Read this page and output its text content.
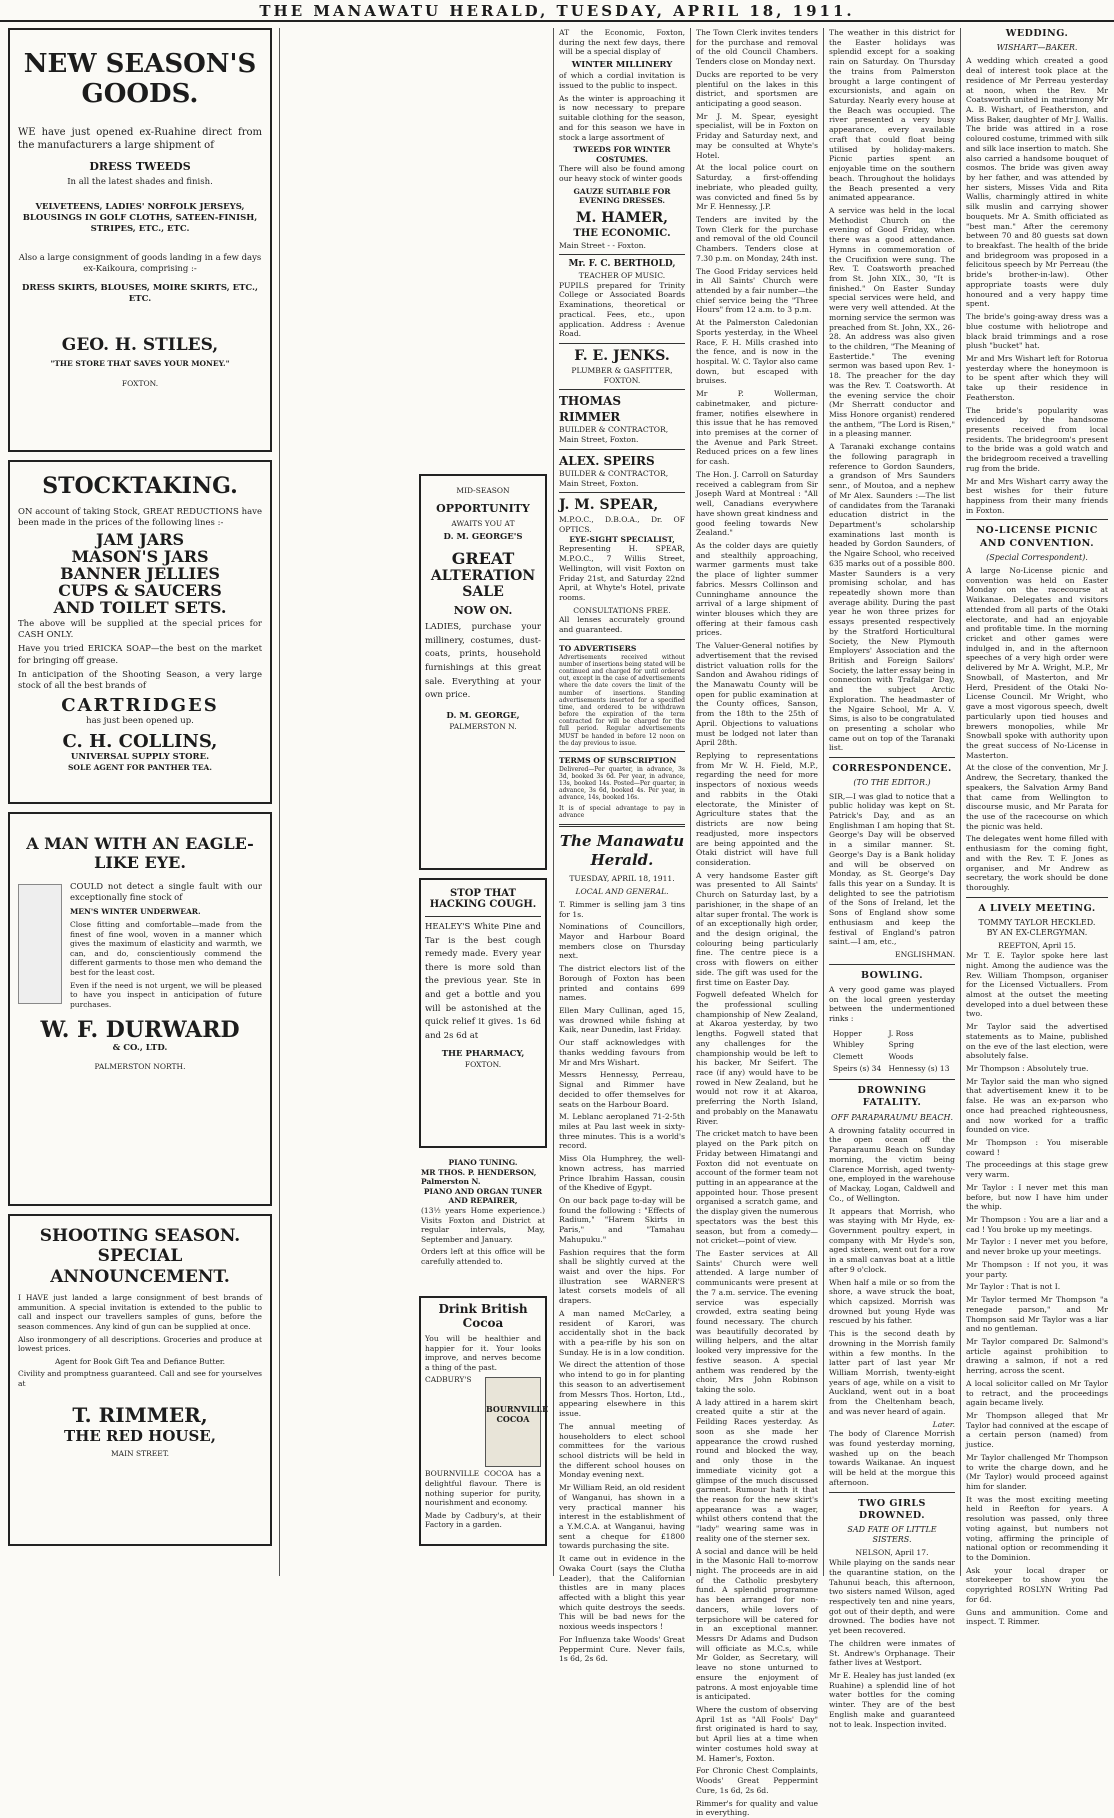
THE MANAWATU HERALD, TUESDAY, APRIL 18, 1911.
NEW SEASON'S GOODS.

WE have just opened ex-Ruahine direct from the manufacturers a large shipment of

DRESS TWEEDS
In all the latest shades and finish.
VELVETEENS, LADIES' NORFOLK JERSEYS, BLOUSINGS IN GOLF CLOTHS, SATEEN-FINISH, STRIPES, ETC., ETC.

Also a large consignment of goods landing in a few days ex-Kaikoura, comprising :-

DRESS SKIRTS, BLOUSES, MOIRE SKIRTS, ETC., ETC.
GEO. H. STILES,
"THE STORE THAT SAVES YOUR MONEY."
FOXTON.
STOCKTAKING.

ON account of taking Stock, GREAT REDUCTIONS have been made in the prices of the following lines :-

JAM JARS
MASON'S JARS
BANNER JELLIES
CUPS & SAUCERS
AND TOILET SETS.

The above will be supplied at the special prices for CASH ONLY.

Have you tried ERICKA SOAP—the best on the market for bringing off grease.

In anticipation of the Shooting Season, a very large stock of all the best brands of

CARTRIDGES
has just been opened up.
C. H. COLLINS,
UNIVERSAL SUPPLY STORE.
SOLE AGENT FOR PANTHER TEA.
A MAN WITH AN EAGLE-LIKE EYE.

COULD not detect a single fault with our exceptionally fine stock of

MEN'S WINTER UNDERWEAR.

Close fitting and comfortable—made from the finest of fine wool, woven in a manner which gives the maximum of elasticity and warmth, we can, and do, conscientiously commend the different garments to those men who demand the best for the least cost.

Even if the need is not urgent, we will be pleased to have you inspect in anticipation of future purchases.

W. F. DURWARD
& CO., LTD.
PALMERSTON NORTH.
SHOOTING SEASON.
SPECIAL ANNOUNCEMENT.

I HAVE just landed a large consignment of best brands of ammunition. A special invitation is extended to the public to call and inspect our travellers samples of guns, before the season commences. Any kind of gun can be supplied at once.

Also ironmongery of all descriptions. Groceries and produce at lowest prices.

Agent for Book Gift Tea and Defiance Butter.

Civility and promptness guaranteed. Call and see for yourselves at

T. RIMMER,
THE RED HOUSE,
MAIN STREET.

MID-SEASON
OPPORTUNITY
AWAITS YOU AT
D. M. GEORGE'S
GREAT
ALTERATION
SALE
NOW ON.

LADIES, purchase your millinery, costumes, dust-coats, prints, household furnishings at this great sale. Everything at your own price.

D. M. GEORGE,
PALMERSTON N.
STOP THAT HACKING COUGH.

HEALEY'S White Pine and Tar is the best cough remedy made. Every year there is more sold than the previous year. Ste in and get a bottle and you will be astonished at the quick relief it gives. 1s 6d and 2s 6d at

THE PHARMACY,
FOXTON.
PIANO TUNING.
MR THOS. P. HENDERSON, Palmerston N.
PIANO AND ORGAN TUNER AND REPAIRER,

(13½ years Home experience.) Visits Foxton and District at regular intervals, May, September and January.

Orders left at this office will be carefully attended to.

Drink British Cocoa

You will be healthier and happier for it. Your looks improve, and nerves become a thing of the past.

BOURNVILLE COCOA

CADBURY'S BOURNVILLE COCOA has a delightful flavour. There is nothing superior for purity, nourishment and economy.

Made by Cadbury's, at their Factory in a garden.

AT the Economic, Foxton, during the next few days, there will be a special display of

WINTER MILLINERY

of which a cordial invitation is issued to the public to inspect.

As the winter is approaching it is now necessary to prepare suitable clothing for the season, and for this season we have in stock a large assortment of

TWEEDS FOR WINTER COSTUMES.

There will also be found among our heavy stock of winter goods

GAUZE SUITABLE FOR EVENING DRESSES.
M. HAMER,
THE ECONOMIC.
Main Street - - Foxton.
Mr. F. C. BERTHOLD,
TEACHER OF MUSIC.

PUPILS prepared for Trinity College or Associated Boards Examinations, theoretical or practical. Fees, etc., upon application. Address : Avenue Road.

F. E. JENKS.
PLUMBER & GASFITTER,
FOXTON.
THOMAS RIMMER
BUILDER & CONTRACTOR,
Main Street, Foxton.
ALEX. SPEIRS
BUILDER & CONTRACTOR,
Main Street, Foxton.
J. M. SPEAR,
M.P.O.C., D.B.O.A., Dr. OF OPTICS.
EYE-SIGHT SPECIALIST,

Representing H. SPEAR, M.P.O.C., 7 Willis Street, Wellington, will visit Foxton on Friday 21st, and Saturday 22nd April, at Whyte's Hotel, private rooms.

CONSULTATIONS FREE.

All lenses accurately ground and guaranteed.

TO ADVERTISERS

Advertisements received without number of insertions being stated will be continued and charged for until ordered out, except in the case of advertisements where the date covers the limit of the number of insertions. Standing advertisements inserted for a specified time, and ordered to be withdrawn before the expiration of the term contracted for will be charged for the full period. Regular advertisements MUST be handed in before 12 noon on the day previous to issue.

TERMS OF SUBSCRIPTION

Delivered—Per quarter, in advance, 3s 3d, booked 3s 6d. Per year, in advance, 13s, booked 14s. Posted—Per quarter, in advance, 3s 6d, booked 4s. Per year, in advance, 14s, booked 16s.

It is of special advantage to pay in advance

The Manawatu Herald.
TUESDAY, APRIL 18, 1911.
LOCAL AND GENERAL.

T. Rimmer is selling jam 3 tins for 1s.

Nominations of Councillors, Mayor and Harbour Board members close on Thursday next.

The district electors list of the Borough of Foxton has been printed and contains 699 names.

Ellen Mary Cullinan, aged 15, was drowned while fishing at Kaik, near Dunedin, last Friday.

Our staff acknowledges with thanks wedding favours from Mr and Mrs Wishart.

Messrs Hennessy, Perreau, Signal and Rimmer have decided to offer themselves for seats on the Harbour Board.

M. Leblanc aeroplaned 71-2-5th miles at Pau last week in sixty-three minutes. This is a world's record.

Miss Ola Humphrey, the well-known actress, has married Prince Ibrahim Hassan, cousin of the Khedive of Egypt.

On our back page to-day will be found the following : "Effects of Radium," "Harem Skirts in Paris," and "Tamahau Mahupuku."

Fashion requires that the form shall be slightly curved at the waist and over the hips. For illustration see WARNER'S latest corsets models of all drapers.

A man named McCarley, a resident of Karori, was accidentally shot in the back with a pea-rifle by his son on Sunday. He is in a low condition.

We direct the attention of those who intend to go in for planting this season to an advertisement from Messrs Thos. Horton, Ltd., appearing elsewhere in this issue.

The annual meeting of householders to elect school committees for the various school districts will be held in the different school houses on Monday evening next.

Mr William Reid, an old resident of Wanganui, has shown in a very practical manner his interest in the establishment of a Y.M.C.A. at Wanganui, having sent a cheque for £1800 towards purchasing the site.

It came out in evidence in the Owaka Court (says the Clutha Leader), that the Californian thistles are in many places affected with a blight this year which quite destroys the seeds. This will be bad news for the noxious weeds inspectors !

For Influenza take Woods' Great Peppermint Cure. Never fails, 1s 6d, 2s 6d.

The Town Clerk invites tenders for the purchase and removal of the old Council Chambers. Tenders close on Monday next.

Ducks are reported to be very plentiful on the lakes in this district, and sportsmen are anticipating a good season.

Mr J. M. Spear, eyesight specialist, will be in Foxton on Friday and Saturday next, and may be consulted at Whyte's Hotel.

At the local police court on Saturday, a first-offending inebriate, who pleaded guilty, was convicted and fined 5s by Mr F. Hennessy, J.P.

Tenders are invited by the Town Clerk for the purchase and removal of the old Council Chambers. Tenders close at 7.30 p.m. on Monday, 24th inst.

The Good Friday services held in All Saints' Church were attended by a fair number—the chief service being the "Three Hours" from 12 a.m. to 3 p.m.

At the Palmerston Caledonian Sports yesterday, in the Wheel Race, F. H. Mills crashed into the fence, and is now in the hospital. W. C. Taylor also came down, but escaped with bruises.

Mr P. Wollerman, cabinetmaker, and picture-framer, notifies elsewhere in this issue that he has removed into premises at the corner of the Avenue and Park Street. Reduced prices on a few lines for cash.

The Hon. J. Carroll on Saturday received a cablegram from Sir Joseph Ward at Montreal : "All well, Canadians everywhere have shown great kindness and good feeling towards New Zealand."

As the colder days are quietly and stealthily approaching, warmer garments must take the place of lighter summer fabrics. Messrs Collinson and Cunninghame announce the arrival of a large shipment of winter blouses which they are offering at their famous cash prices.

The Valuer-General notifies by advertisement that the revised district valuation rolls for the Sandon and Awahou ridings of the Manawatu County will be open for public examination at the County offices, Sanson, from the 18th to the 25th of April. Objections to valuations must be lodged not later than April 28th.

Replying to representations from Mr W. H. Field, M.P., regarding the need for more inspectors of noxious weeds and rabbits in the Otaki electorate, the Minister of Agriculture states that the districts are now being readjusted, more inspectors are being appointed and the Otaki district will have full consideration.

A very handsome Easter gift was presented to All Saints' Church on Saturday last, by a parishioner, in the shape of an altar super frontal. The work is of an exceptionally high order, and the design original, the colouring being particularly fine. The centre piece is a cross with flowers on either side. The gift was used for the first time on Easter Day.

Fogwell defeated Whelch for the professional sculling championship of New Zealand, at Akaroa yesterday, by two lengths. Fogwell stated that any challenges for the championship would be left to his backer, Mr Seifert. The race (if any) would have to be rowed in New Zealand, but he would not row it at Akaroa, preferring the North Island, and probably on the Manawatu River.

The cricket match to have been played on the Park pitch on Friday between Himatangi and Foxton did not eventuate on account of the former team not putting in an appearance at the appointed hour. Those present organised a scratch game, and the display given the numerous spectators was the best this season, but from a comedy—not cricket—point of view.

The Easter services at All Saints' Church were well attended. A large number of communicants were present at the 7 a.m. service. The evening service was especially crowded, extra seating being found necessary. The church was beautifully decorated by willing helpers, and the altar looked very impressive for the festive season. A special anthem was rendered by the choir, Mrs John Robinson taking the solo.

A lady attired in a harem skirt created quite a stir at the Feilding Races yesterday. As soon as she made her appearance the crowd rushed round and blocked the way, and only those in the immediate vicinity got a glimpse of the much discussed garment. Rumour hath it that the reason for the new skirt's appearance was a wager, whilst others contend that the "lady" wearing same was in reality one of the sterner sex.

A social and dance will be held in the Masonic Hall to-morrow night. The proceeds are in aid of the Catholic presbytery fund. A splendid programme has been arranged for non-dancers, while lovers of terpsichore will be catered for in an exceptional manner. Messrs Dr Adams and Dudson will officiate as M.C.s, while Mr Golder, as Secretary, will leave no stone unturned to ensure the enjoyment of patrons. A most enjoyable time is anticipated.

Where the custom of observing April 1st as "All Fools' Day" first originated is hard to say, but April lies at a time when winter costumes hold sway at M. Hamer's, Foxton.

For Chronic Chest Complaints, Woods' Great Peppermint Cure, 1s 6d, 2s 6d.

Rimmer's for quality and value in everything.

The weather in this district for the Easter holidays was splendid except for a soaking rain on Saturday. On Thursday the trains from Palmerston brought a large contingent of excursionists, and again on Saturday. Nearly every house at the Beach was occupied. The river presented a very busy appearance, every available craft that could float being utilised by holiday-makers. Picnic parties spent an enjoyable time on the southern beach. Throughout the holidays the Beach presented a very animated appearance.

A service was held in the local Methodist Church on the evening of Good Friday, when there was a good attendance. Hymns in commemoration of the Crucifixion were sung. The Rev. T. Coatsworth preached from St. John XIX., 30, "It is finished." On Easter Sunday special services were held, and were very well attended. At the morning service the sermon was preached from St. John, XX., 26-28. An address was also given to the children, "The Meaning of Eastertide." The evening sermon was based upon Rev. 1-18. The preacher for the day was the Rev. T. Coatsworth. At the evening service the choir (Mr Sherratt conductor and Miss Honore organist) rendered the anthem, "The Lord is Risen," in a pleasing manner.

A Taranaki exchange contains the following paragraph in reference to Gordon Saunders, a grandson of Mrs Saunders senr., of Moutoa, and a nephew of Mr Alex. Saunders :—The list of candidates from the Taranaki education district in the Department's scholarship examinations last month is headed by Gordon Saunders, of the Ngaire School, who received 635 marks out of a possible 800. Master Saunders is a very promising scholar, and has repeatedly shown more than average ability. During the past year he won three prizes for essays presented respectively by the Stratford Horticultural Society, the New Plymouth Employers' Association and the British and Foreign Sailors' Society, the latter essay being in connection with Trafalgar Day, and the subject Arctic Exploration. The headmaster of the Ngaire School, Mr A. V. Sims, is also to be congratulated on presenting a scholar who came out on top of the Taranaki list.

CORRESPONDENCE.
(TO THE EDITOR.)

SIR,—I was glad to notice that a public holiday was kept on St. Patrick's Day, and as an Englishman I am hoping that St. George's Day will be observed in a similar manner. St. George's Day is a Bank holiday and will be observed on Monday, as St. George's Day falls this year on a Sunday. It is delighted to see the patriotism of the Sons of Ireland, let the Sons of England show some enthusiasm and keep the festival of England's patron saint.—I am, etc.,

ENGLISHMAN.
BOWLING.

A very good game was played on the local green yesterday between the undermentioned rinks :

Hopper	J. Ross
Whibley	Spring
Clemett	Woods
Speirs (s) 34	Hennessy (s) 13
DROWNING FATALITY.
OFF PARAPARAUMU BEACH.

A drowning fatality occurred in the open ocean off the Paraparaumu Beach on Sunday morning, the victim being Clarence Morrish, aged twenty-one, employed in the warehouse of Mackay, Logan, Caldwell and Co., of Wellington.

It appears that Morrish, who was staying with Mr Hyde, ex-Government poultry expert, in company with Mr Hyde's son, aged sixteen, went out for a row in a small canvas boat at a little after 9 o'clock.

When half a mile or so from the shore, a wave struck the boat, which capsized. Morrish was drowned but young Hyde was rescued by his father.

This is the second death by drowning in the Morrish family within a few months. In the latter part of last year Mr William Morrish, twenty-eight years of age, while on a visit to Auckland, went out in a boat from the Cheltenham beach, and was never heard of again.

Later.

The body of Clarence Morrish was found yesterday morning, washed up on the beach towards Waikanae. An inquest will be held at the morgue this afternoon.

TWO GIRLS DROWNED.
SAD FATE OF LITTLE SISTERS.
NELSON, April 17.

While playing on the sands near the quarantine station, on the Tahunui beach, this afternoon, two sisters named Wilson, aged respectively ten and nine years, got out of their depth, and were drowned. The bodies have not yet been recovered.

The children were inmates of St. Andrew's Orphanage. Their father lives at Westport.

Mr E. Healey has just landed (ex Ruahine) a splendid line of hot water bottles for the coming winter. They are of the best English make and guaranteed not to leak. Inspection invited.

WEDDING.
WISHART—BAKER.

A wedding which created a good deal of interest took place at the residence of Mr Perreau yesterday at noon, when the Rev. Mr Coatsworth united in matrimony Mr A. B. Wishart, of Featherston, and Miss Baker, daughter of Mr J. Wallis. The bride was attired in a rose coloured costume, trimmed with silk and silk lace insertion to match. She also carried a handsome bouquet of cosmos. The bride was given away by her father, and was attended by her sisters, Misses Vida and Rita Wallis, charmingly attired in white silk muslin and carrying shower bouquets. Mr A. Smith officiated as "best man." After the ceremony between 70 and 80 guests sat down to breakfast. The health of the bride and bridegroom was proposed in a felicitous speech by Mr Perreau (the bride's brother-in-law). Other appropriate toasts were duly honoured and a very happy time spent.

The bride's going-away dress was a blue costume with heliotrope and black braid trimmings and a rose plush "bucket" hat.

Mr and Mrs Wishart left for Rotorua yesterday where the honeymoon is to be spent after which they will take up their residence in Featherston.

The bride's popularity was evidenced by the handsome presents received from local residents. The bridegroom's present to the bride was a gold watch and the bridegroom received a travelling rug from the bride.

Mr and Mrs Wishart carry away the best wishes for their future happiness from their many friends in Foxton.

NO-LICENSE PICNIC AND CONVENTION.
(Special Correspondent).

A large No-License picnic and convention was held on Easter Monday on the racecourse at Waikanae. Delegates and visitors attended from all parts of the Otaki electorate, and had an enjoyable and profitable time. In the morning cricket and other games were indulged in, and in the afternoon speeches of a very high order were delivered by Mr A. Wright, M.P., Mr Snowball, of Masterton, and Mr Herd, President of the Otaki No-License Council. Mr Wright, who gave a most vigorous speech, dwelt particularly upon tied houses and brewers monopolies, while Mr Snowball spoke with authority upon the great success of No-License in Masterton.

At the close of the convention, Mr J. Andrew, the Secretary, thanked the speakers, the Salvation Army Band that came from Wellington to discourse music, and Mr Parata for the use of the racecourse on which the picnic was held.

The delegates went home filled with enthusiasm for the coming fight, and with the Rev. T. F. Jones as organiser, and Mr Andrew as secretary, the work should be done thoroughly.

A LIVELY MEETING.
TOMMY TAYLOR HECKLED.
BY AN EX-CLERGYMAN.
REEFTON, April 15.

Mr T. E. Taylor spoke here last night. Among the audience was the Rev. William Thompson, organiser for the Licensed Victuallers. From almost at the outset the meeting developed into a duel between these two.

Mr Taylor said the advertised statements as to Maine, published on the eve of the last election, were absolutely false.

Mr Thompson : Absolutely true.

Mr Taylor said the man who signed that advertisement knew it to be false. He was an ex-parson who once had preached righteousness, and now worked for a traffic founded on vice.

Mr Thompson : You miserable coward !

The proceedings at this stage grew very warm.

Mr Taylor : I never met this man before, but now I have him under the whip.

Mr Thompson : You are a liar and a cad ! You broke up my meetings.

Mr Taylor : I never met you before, and never broke up your meetings.

Mr Thompson : If not you, it was your party.

Mr Taylor : That is not I.

Mr Taylor termed Mr Thompson "a renegade parson," and Mr Thompson said Mr Taylor was a liar and no gentleman.

Mr Taylor compared Dr. Salmond's article against prohibition to drawing a salmon, if not a red herring, across the scent.

A local solicitor called on Mr Taylor to retract, and the proceedings again became lively.

Mr Thompson alleged that Mr Taylor had connived at the escape of a certain person (named) from justice.

Mr Taylor challenged Mr Thompson to write the charge down, and he (Mr Taylor) would proceed against him for slander.

It was the most exciting meeting held in Reefton for years. A resolution was passed, only three voting against, but numbers not voting, affirming the principle of national option or recommending it to the Dominion.

Ask your local draper or storekeeper to show you the copyrighted ROSLYN Writing Pad for 6d.

Guns and ammunition. Come and inspect. T. Rimmer.
